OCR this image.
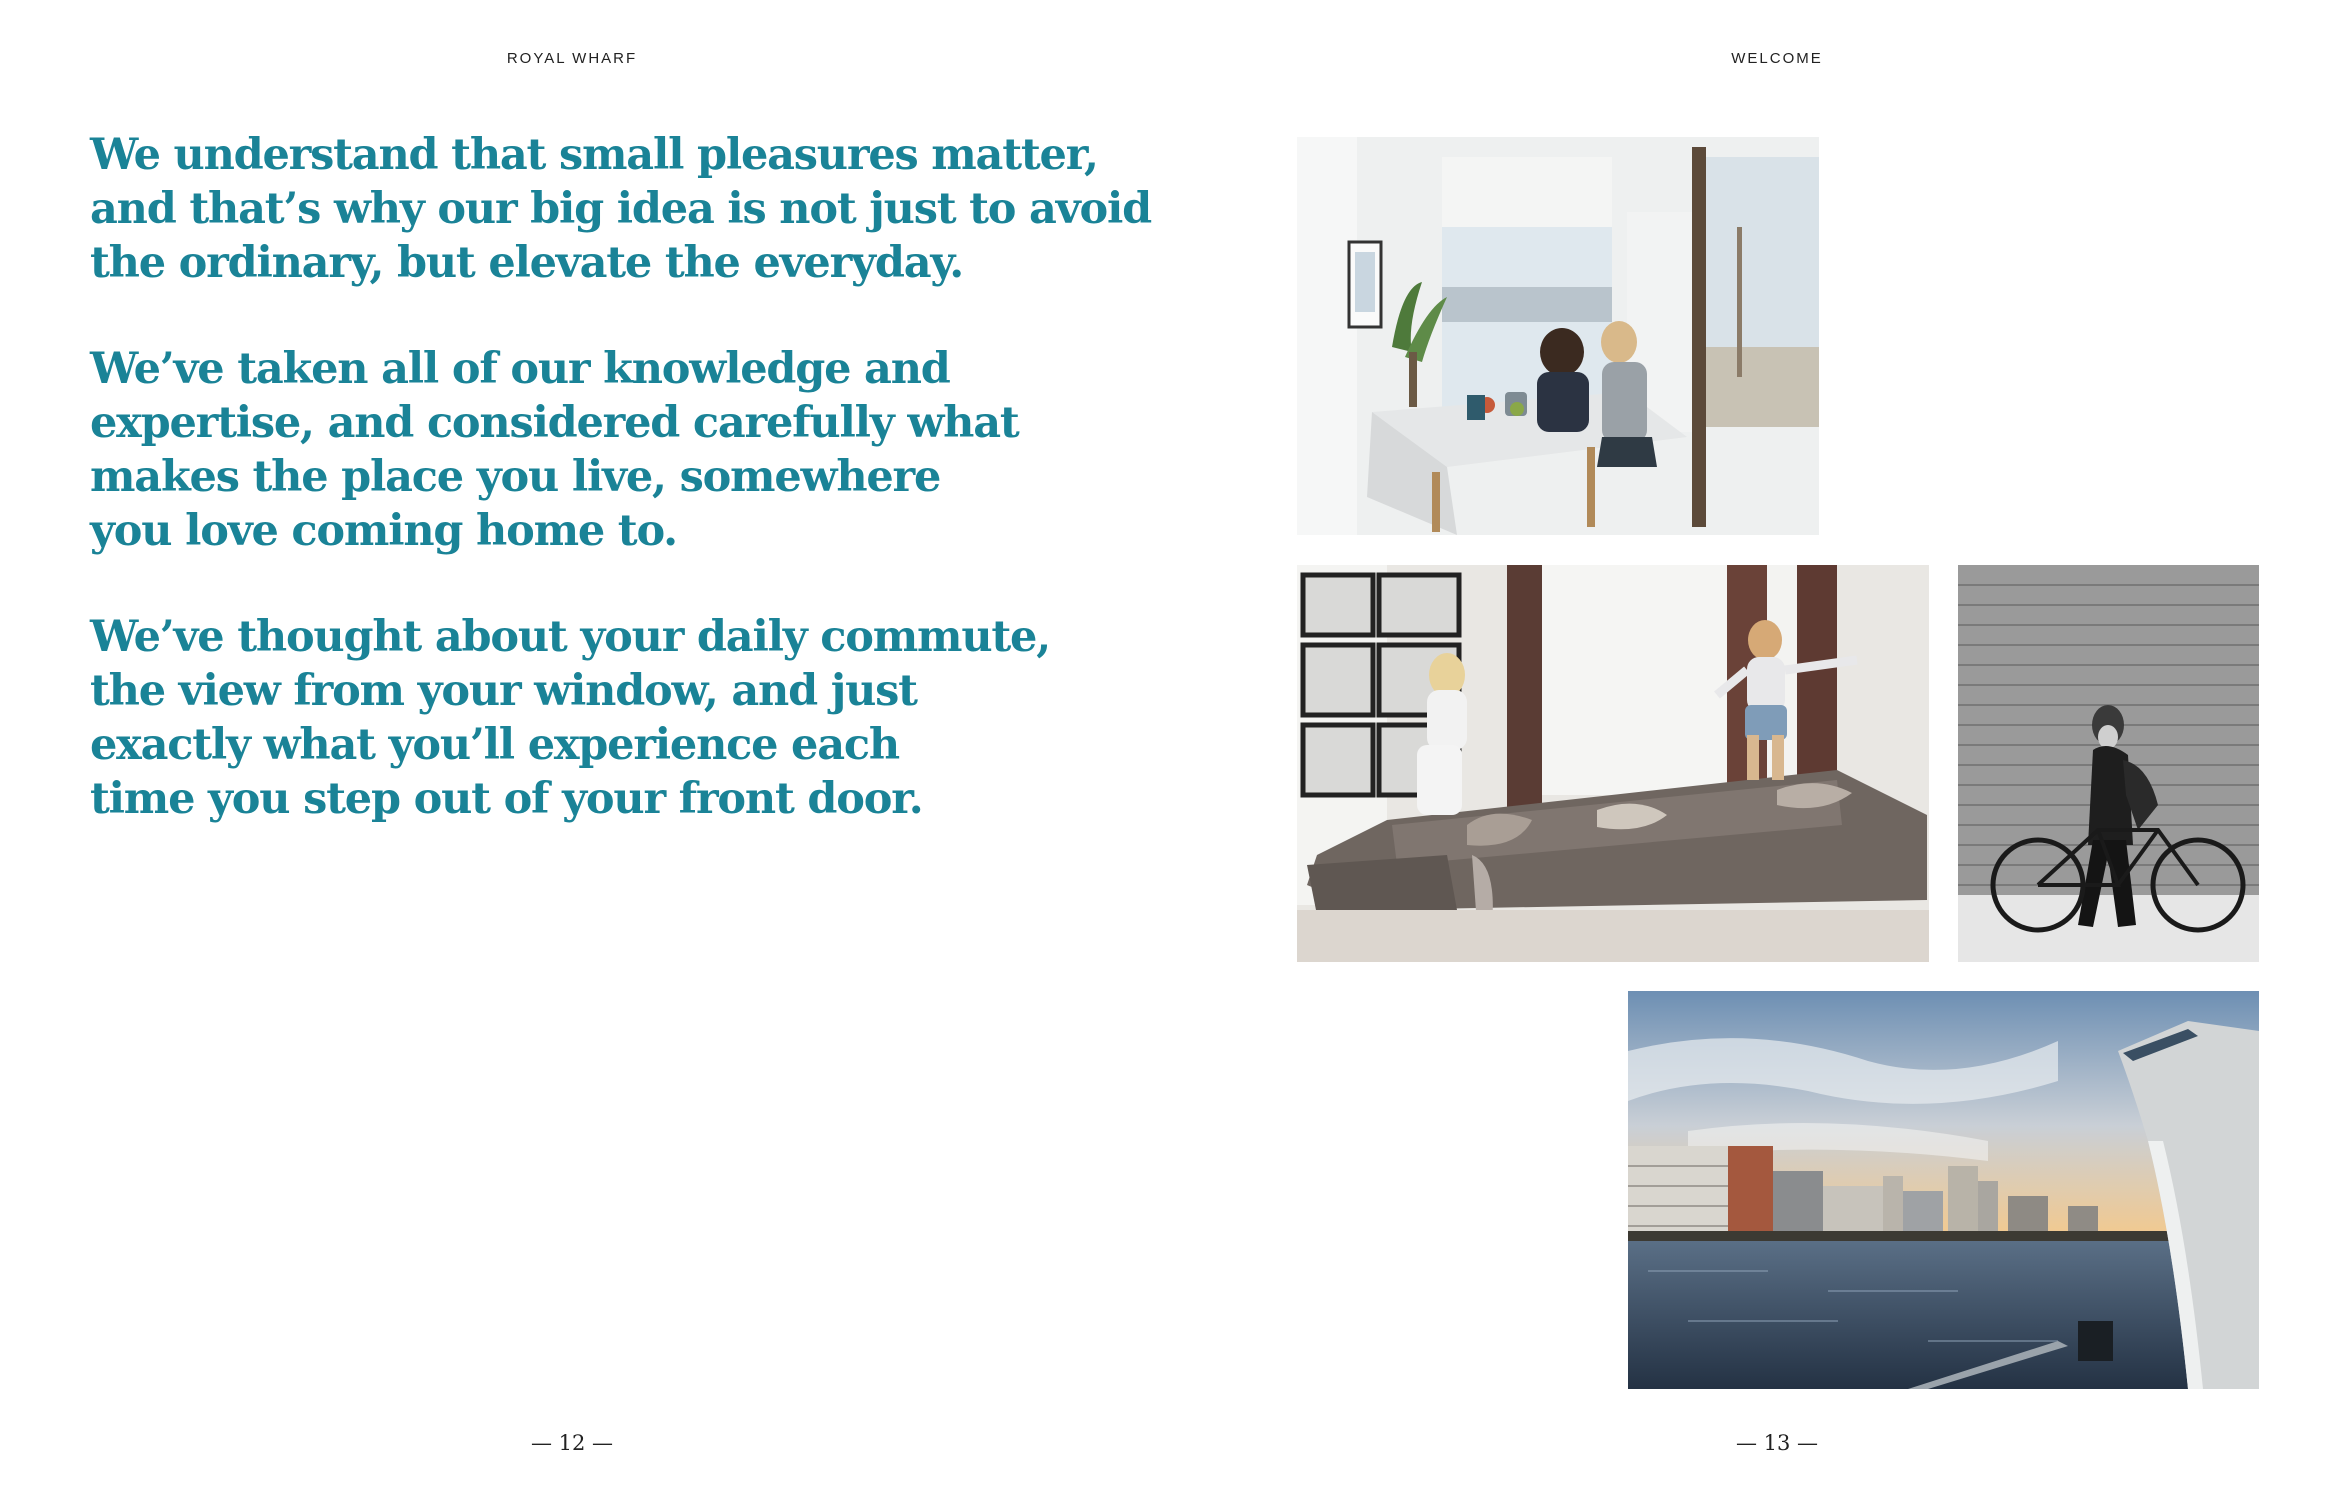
ROYAL WHARF	WELCOME

We understand that small pleasures matter,
and that’s why our big idea is not just to avoid
the ordinary, but elevate the everyday.

We’ve taken all of our knowledge and
expertise, and considered carefully what
makes the place you live, somewhere
you love coming home to.

We’ve thought about your daily commute,
the view from your window, and just
exactly what you’ll experience each
time you step out of your front door.

— 12 —	— 13 —
